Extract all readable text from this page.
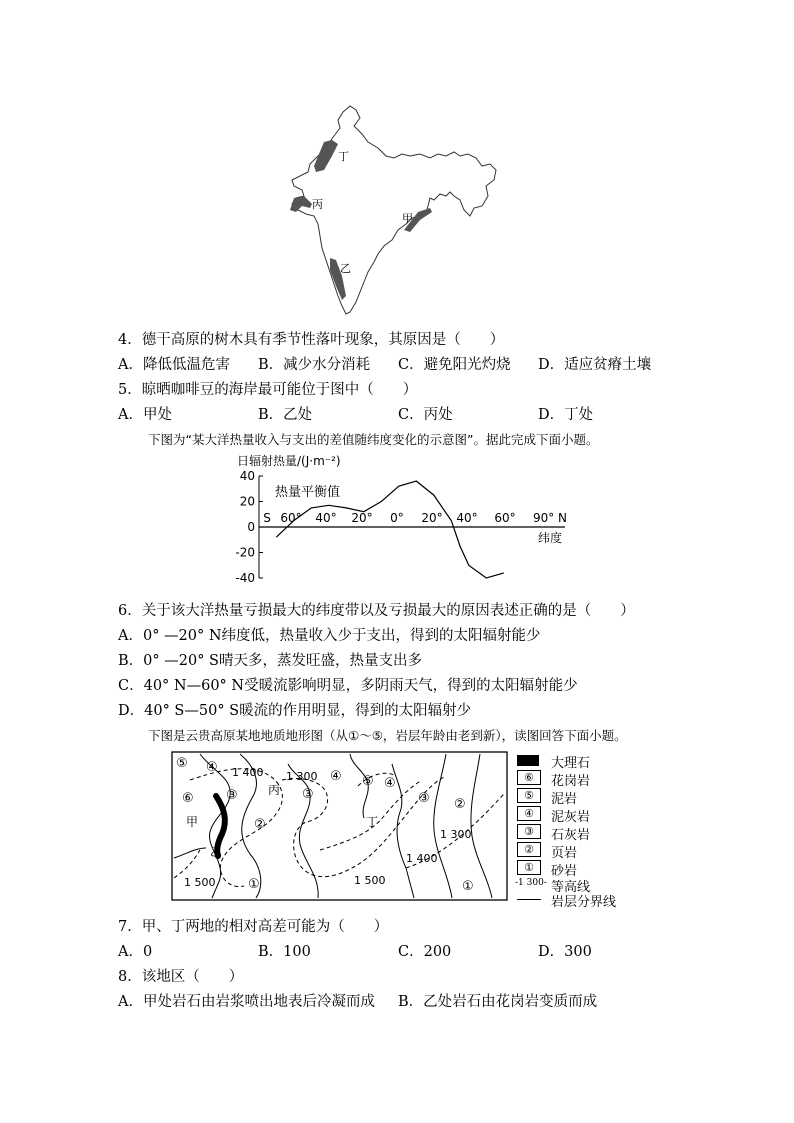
丁
丙
甲
乙
4．德干高原的树木具有季节性落叶现象，其原因是（　　）
A．降低低温危害 B．减少水分消耗 C．避免阳光灼烧 D．适应贫瘠土壤
5．晾晒咖啡豆的海岸最可能位于图中（　　）
A．甲处	B．乙处	C．丙处	D．丁处
下图为“某大洋热量收入与支出的差值随纬度变化的示意图”。据此完成下面小题。
日辐射热量/(J·m⁻²)
热量平衡值
纬度
40
20
0
-20
-40
S 60° 40° 20° 0° 20° 40° 60° 90° N
6．关于该大洋热量亏损最大的纬度带以及亏损最大的原因表述正确的是（　　）
A．0° —20° N纬度低，热量收入少于支出，得到的太阳辐射能少
B．0° —20° S晴天多，蒸发旺盛，热量支出多
C．40° N—60° N受暖流影响明显，多阴雨天气，得到的太阳辐射能少
D．40° S—50° S暖流的作用明显，得到的太阳辐射少
下图是云贵高原某地地质地形图（从①～⑤，岩层年龄由老到新），读图回答下面小题。
1 400 1 300
1 300
1 400
1 500	1 500
⑤ ④
⑥ ③
②
③
④ ⑤ ④
③ ②
①	①
甲
乙
丙
丁
大理石
⑥	花岗岩
⑤	泥岩
④	泥灰岩
③	石灰岩
②	页岩
①	砂岩
-1 300- 等高线
岩层分界线
7．甲、丁两地的相对高差可能为（　　）
A．0	B．100	C．200	D．300
8．该地区（　　）
A．甲处岩石由岩浆喷出地表后冷凝而成 B．乙处岩石由花岗岩变质而成
